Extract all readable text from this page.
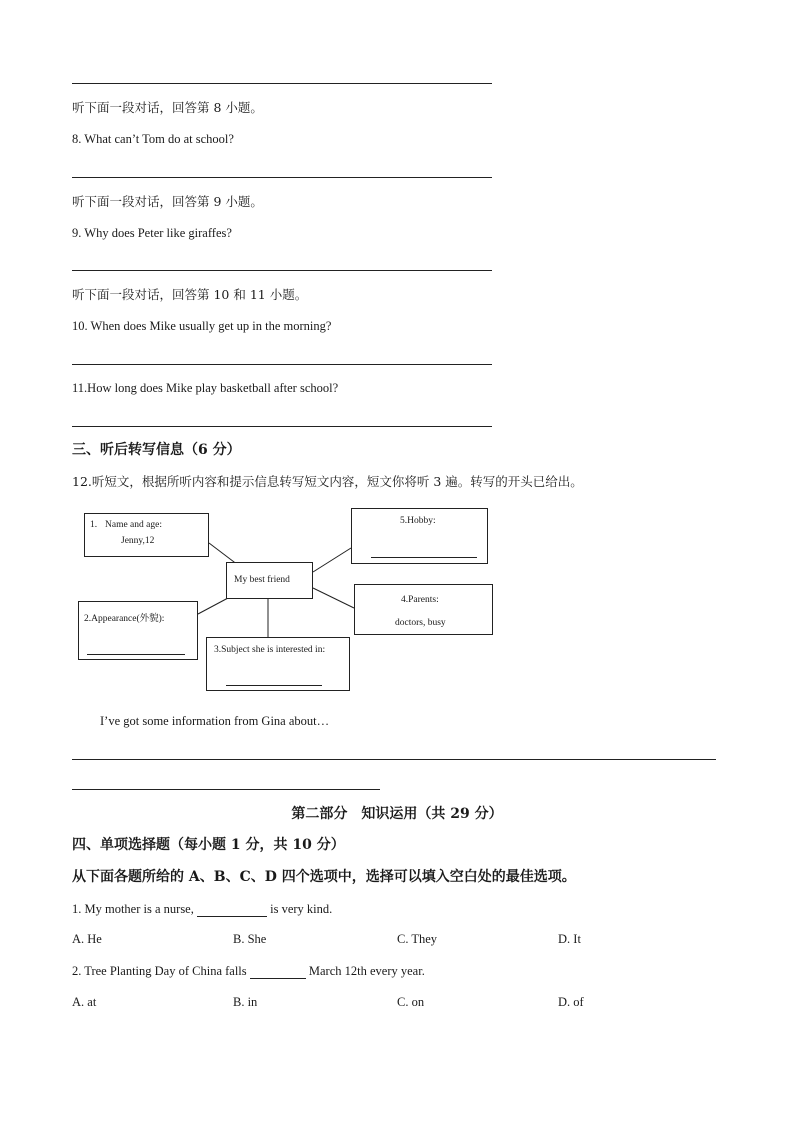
听下面一段对话，回答第 8 小题。
8. What can’t Tom do at school?
听下面一段对话，回答第 9 小题。
9. Why does Peter like giraffes?
听下面一段对话，回答第 10 和 11 小题。
10. When does Mike usually get up in the morning?
11.How long does Mike play basketball after school?
三、听后转写信息（6 分）
12.听短文，根据所听内容和提示信息转写短文内容，短文你将听 3 遍。转写的开头已给出。
1. Name and age:
Jenny,12
My best friend
5.Hobby:
2.Appearance(外貌):
4.Parents:
doctors, busy
3.Subject she is interested in:
I’ve got some information from Gina about…
第二部分　知识运用（共 29 分）
四、单项选择题（每小题 1 分，共 10 分）
从下面各题所给的 A、B、C、D 四个选项中，选择可以填入空白处的最佳选项。
1. My mother is a nurse,	is very kind.
A. He	B. She	C. They	D. It
2. Tree Planting Day of China falls	March 12th every year.
A. at	B. in	C. on	D. of
